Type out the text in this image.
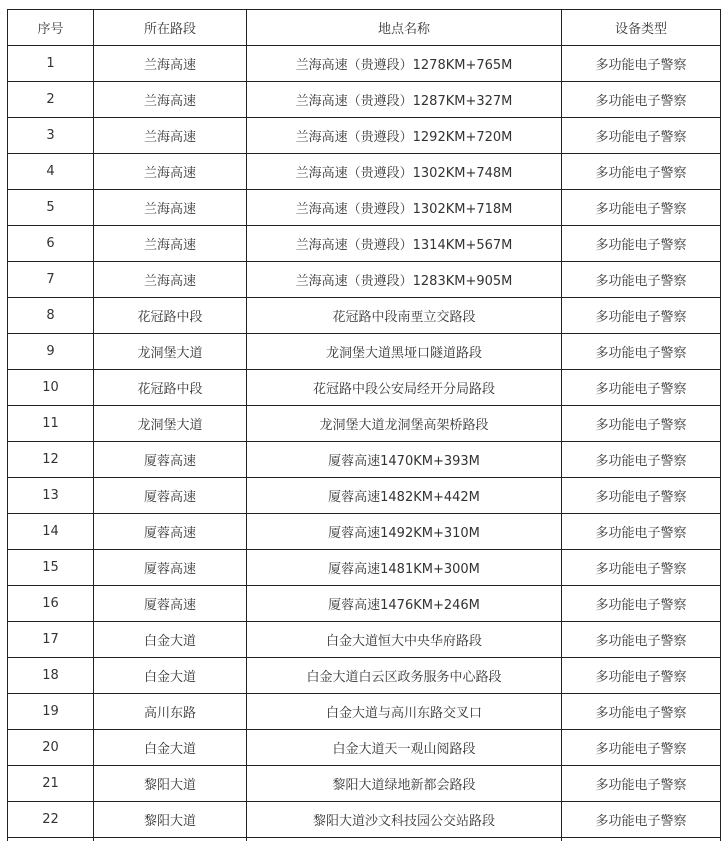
序号	所在路段	地点名称	设备类型
1	兰海高速	兰海高速（贵遵段）1278KM+765M	多功能电子警察
2	兰海高速	兰海高速（贵遵段）1287KM+327M	多功能电子警察
3	兰海高速	兰海高速（贵遵段）1292KM+720M	多功能电子警察
4	兰海高速	兰海高速（贵遵段）1302KM+748M	多功能电子警察
5	兰海高速	兰海高速（贵遵段）1302KM+718M	多功能电子警察
6	兰海高速	兰海高速（贵遵段）1314KM+567M	多功能电子警察
7	兰海高速	兰海高速（贵遵段）1283KM+905M	多功能电子警察
8	花冠路中段	花冠路中段南垔立交路段	多功能电子警察
9	龙洞堡大道	龙洞堡大道黑垭口隧道路段	多功能电子警察
10	花冠路中段	花冠路中段公安局经开分局路段	多功能电子警察
11	龙洞堡大道	龙洞堡大道龙洞堡高架桥路段	多功能电子警察
12	厦蓉高速	厦蓉高速1470KM+393M	多功能电子警察
13	厦蓉高速	厦蓉高速1482KM+442M	多功能电子警察
14	厦蓉高速	厦蓉高速1492KM+310M	多功能电子警察
15	厦蓉高速	厦蓉高速1481KM+300M	多功能电子警察
16	厦蓉高速	厦蓉高速1476KM+246M	多功能电子警察
17	白金大道	白金大道恒大中央华府路段	多功能电子警察
18	白金大道	白金大道白云区政务服务中心路段	多功能电子警察
19	高川东路	白金大道与高川东路交叉口	多功能电子警察
20	白金大道	白金大道天一观山阅路段	多功能电子警察
21	黎阳大道	黎阳大道绿地新都会路段	多功能电子警察
22	黎阳大道	黎阳大道沙文科技园公交站路段	多功能电子警察
